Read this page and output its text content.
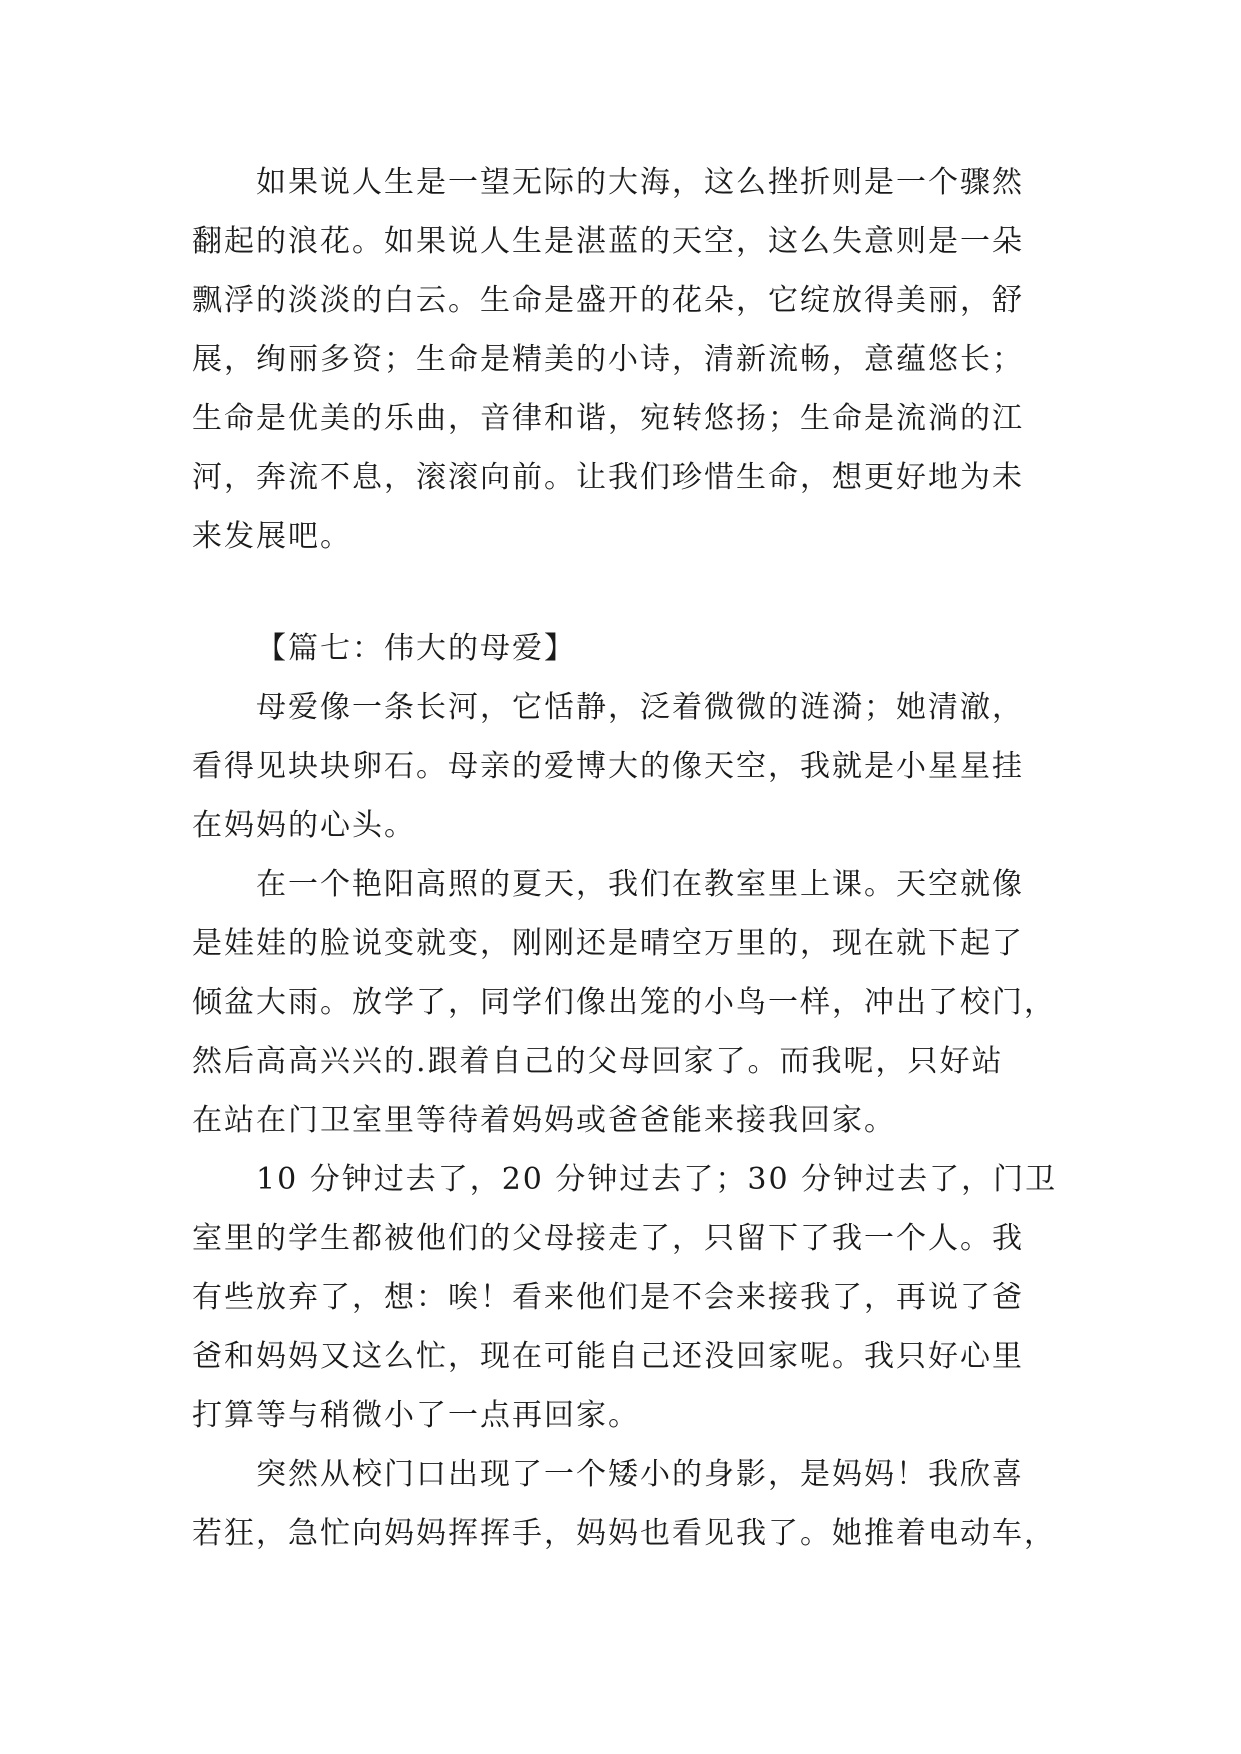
如果说人生是一望无际的大海，这么挫折则是一个骤然
翻起的浪花。如果说人生是湛蓝的天空，这么失意则是一朵
飘浮的淡淡的白云。生命是盛开的花朵，它绽放得美丽，舒
展，绚丽多资；生命是精美的小诗，清新流畅，意蕴悠长；
生命是优美的乐曲，音律和谐，宛转悠扬；生命是流淌的江
河，奔流不息，滚滚向前。让我们珍惜生命，想更好地为未
来发展吧。
【篇七：伟大的母爱】
母爱像一条长河，它恬静，泛着微微的涟漪；她清澈，
看得见块块卵石。母亲的爱博大的像天空，我就是小星星挂
在妈妈的心头。
在一个艳阳高照的夏天，我们在教室里上课。天空就像
是娃娃的脸说变就变，刚刚还是晴空万里的，现在就下起了
倾盆大雨。放学了，同学们像出笼的小鸟一样，冲出了校门，
然后高高兴兴的.跟着自己的父母回家了。而我呢，只好站
在站在门卫室里等待着妈妈或爸爸能来接我回家。
10 分钟过去了，20 分钟过去了；30 分钟过去了，门卫
室里的学生都被他们的父母接走了，只留下了我一个人。我
有些放弃了，想：唉！看来他们是不会来接我了，再说了爸
爸和妈妈又这么忙，现在可能自己还没回家呢。我只好心里
打算等与稍微小了一点再回家。
突然从校门口出现了一个矮小的身影，是妈妈！我欣喜
若狂，急忙向妈妈挥挥手，妈妈也看见我了。她推着电动车，
